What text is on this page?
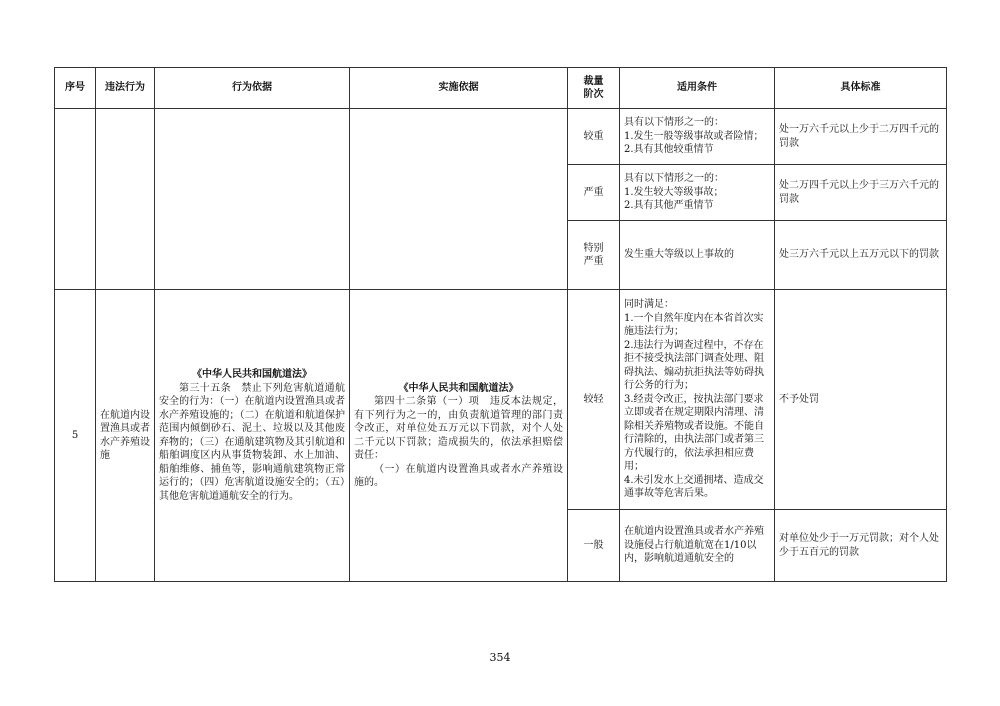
序号	违法行为	行为依据	实施依据	裁量阶次	适用条件	具体标准
				较重	具有以下情形之一的：
1.发生一般等级事故或者险情；
2.具有其他较重情节	处一万六千元以上少于二万四千元的罚款
				严重	具有以下情形之一的：
1.发生较大等级事故；
2.具有其他严重情节	处二万四千元以上少于三万六千元的罚款

				特别严重	发生重大等级以上事故的	处三万六千元以上五万元以下的罚款
5	在航道内设置渔具或者水产养殖设施	《中华人民共和国航道法》
第三十五条　禁止下列危害航道通航安全的行为：（一）在航道内设置渔具或者水产养殖设施的；（二）在航道和航道保护范围内倾倒砂石、泥土、垃圾以及其他废弃物的；（三）在通航建筑物及其引航道和船舶调度区内从事货物装卸、水上加油、船舶维修、捕鱼等，影响通航建筑物正常运行的；（四）危害航道设施安全的；（五）其他危害航道通航安全的行为。	《中华人民共和国航道法》
第四十二条第（一）项　违反本法规定，有下列行为之一的，由负责航道管理的部门责令改正，对单位处五万元以下罚款，对个人处二千元以下罚款；造成损失的，依法承担赔偿责任：
（一）在航道内设置渔具或者水产养殖设施的。	较轻	同时满足：
1.一个自然年度内在本省首次实施违法行为；
2.违法行为调查过程中，不存在拒不接受执法部门调查处理、阻碍执法、煽动抗拒执法等妨碍执行公务的行为；
3.经责令改正，按执法部门要求立即或者在规定期限内清理、清除相关养殖物或者设施。不能自行清除的，由执法部门或者第三方代履行的，依法承担相应费用；
4.未引发水上交通拥堵、造成交通事故等危害后果。	不予处罚
				一般	在航道内设置渔具或者水产养殖设施侵占行航道航宽在1/10以内，影响航道通航安全的	对单位处少于一万元罚款；对个人处少于五百元的罚款
354
